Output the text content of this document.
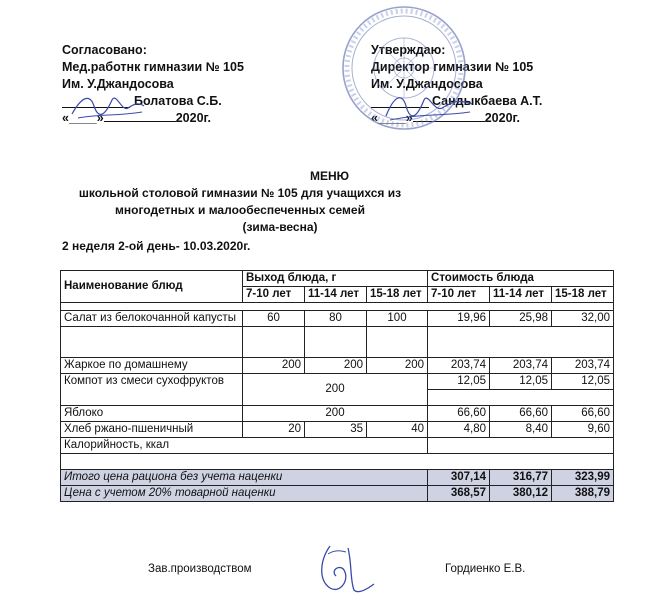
Согласовано:
Мед.работнк гимназии № 105
Им. У.Джандосова
Болатова С.Б.
«____»	2020г.
Утверждаю:
Директор гимназии № 105
Им. У.Джандосова
Сандыкбаева А.Т.
«____»	2020г.
МЕНЮ
школьной столовой гимназии № 105 для учащихся из
многодетных и малообеспеченных семей
(зима-весна)
2 неделя 2-ой день- 10.03.2020г.
Наименование блюд	Выход блюда, г			Стоимость блюда		
	7-10 лет	11-14 лет	15-18 лет	7-10 лет	11-14 лет	15-18 лет

Салат из белокочанной капусты	60	80	100	19,96	25,98	32,00

Жаркое по домашнему	200	200	200	203,74	203,74	203,74
Компот из смеси сухофруктов	200			12,05	12,05	12,05

Яблоко	200			66,60	66,60	66,60
Хлеб ржано-пшеничный	20	35	40	4,80	8,40	9,60
Калорийность, ккал						

Итого цена рациона без учета наценки				307,14	316,77	323,99
Цена с учетом 20% товарной наценки				368,57	380,12	388,79
Зав.производством	Гордиенко Е.В.
